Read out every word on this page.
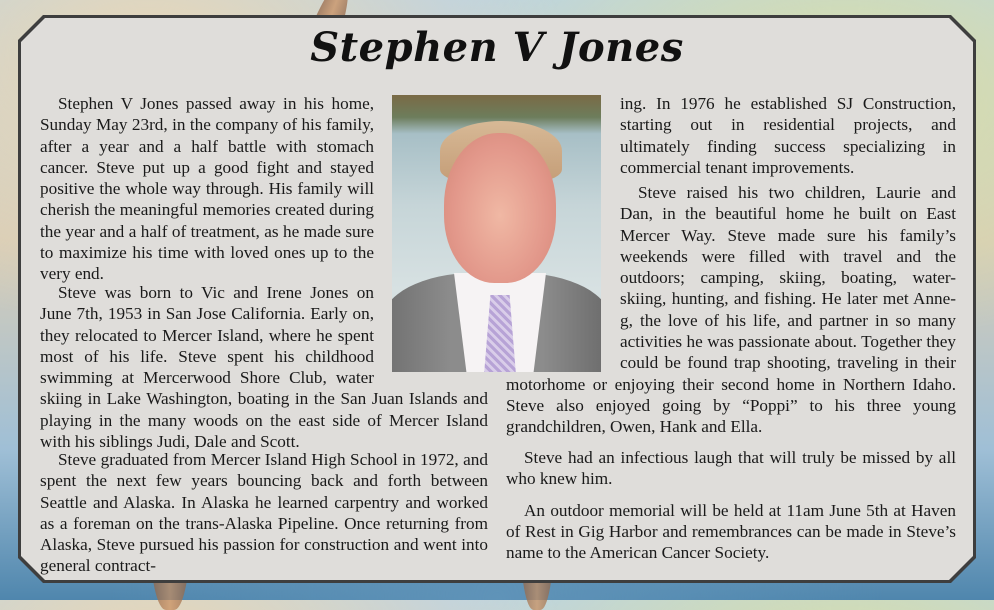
Stephen V Jones

Stephen V Jones passed away in his home, Sunday May 23rd, in the company of his family, after a year and a half battle with stomach cancer. Steve put up a good fight and stayed positive the whole way through. His family will cherish the meaningful memories created during the year and a half of treatment, as he made sure to maximize his time with loved ones up to the very end.

Steve was born to Vic and Irene Jones on June 7th, 1953 in San Jose California. Early on, they relocated to Mercer Island, where he spent most of his life. Steve spent his childhood swimming at Mercerwood Shore Club, water skiing in Lake Washington, boating in the San Juan Islands and playing in the many woods on the east side of Mercer Island with his siblings Judi, Dale and Scott.

Steve graduated from Mercer Island High School in 1972, and spent the next few years bouncing back and forth between Seattle and Alaska. In Alaska he learned carpentry and worked as a foreman on the trans-Alaska Pipeline. Once returning from Alaska, Steve pursued his passion for construction and went into general contract-

ing. In 1976 he established SJ Construction, starting out in residential projects, and ultimately finding success specializing in commercial tenant improvements.

Steve raised his two children, Laurie and Dan, in the beautiful home he built on East Mercer Way. Steve made sure his family’s weekends were filled with travel and the outdoors; camping, skiing, boating, water-skiing, hunting, and fishing. He later met Anne-g, the love of his life, and partner in so many activities he was passionate about. Together they could be found trap shooting, traveling in their motorhome or enjoying their second home in Northern Idaho. Steve also enjoyed going by “Poppi” to his three young grandchildren, Owen, Hank and Ella.

Steve had an infectious laugh that will truly be missed by all who knew him.

An outdoor memorial will be held at 11am June 5th at Haven of Rest in Gig Harbor and remembrances can be made in Steve’s name to the American Cancer Society.
